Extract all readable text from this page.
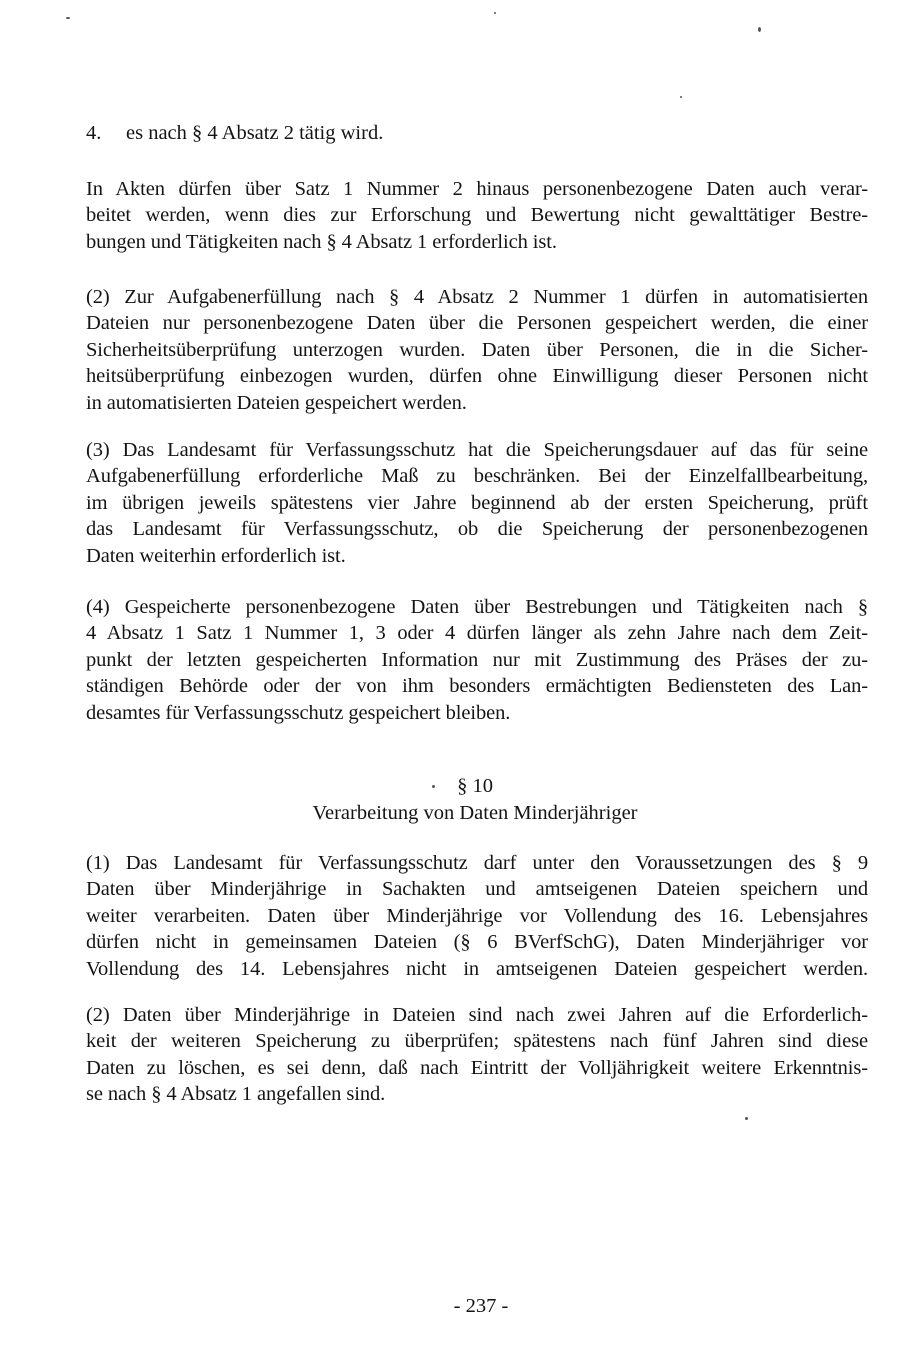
4. es nach § 4 Absatz 2 tätig wird.
In Akten dürfen über Satz 1 Nummer 2 hinaus personenbezogene Daten auch verar-
beitet werden, wenn dies zur Erforschung und Bewertung nicht gewalttätiger Bestre-
bungen und Tätigkeiten nach § 4 Absatz 1 erforderlich ist.
(2) Zur Aufgabenerfüllung nach § 4 Absatz 2 Nummer 1 dürfen in automatisierten
Dateien nur personenbezogene Daten über die Personen gespeichert werden, die einer
Sicherheitsüberprüfung unterzogen wurden. Daten über Personen, die in die Sicher-
heitsüberprüfung einbezogen wurden, dürfen ohne Einwilligung dieser Personen nicht
in automatisierten Dateien gespeichert werden.
(3) Das Landesamt für Verfassungsschutz hat die Speicherungsdauer auf das für seine
Aufgabenerfüllung erforderliche Maß zu beschränken. Bei der Einzelfallbearbeitung,
im übrigen jeweils spätestens vier Jahre beginnend ab der ersten Speicherung, prüft
das Landesamt für Verfassungsschutz, ob die Speicherung der personenbezogenen
Daten weiterhin erforderlich ist.
(4) Gespeicherte personenbezogene Daten über Bestrebungen und Tätigkeiten nach §
4 Absatz 1 Satz 1 Nummer 1, 3 oder 4 dürfen länger als zehn Jahre nach dem Zeit-
punkt der letzten gespeicherten Information nur mit Zustimmung des Präses der zu-
ständigen Behörde oder der von ihm besonders ermächtigten Bediensteten des Lan-
desamtes für Verfassungsschutz gespeichert bleiben.
§ 10
Verarbeitung von Daten Minderjähriger
(1) Das Landesamt für Verfassungsschutz darf unter den Voraussetzungen des § 9
Daten über Minderjährige in Sachakten und amtseigenen Dateien speichern und
weiter verarbeiten. Daten über Minderjährige vor Vollendung des 16. Lebensjahres
dürfen nicht in gemeinsamen Dateien (§ 6 BVerfSchG), Daten Minderjähriger vor
Vollendung des 14. Lebensjahres nicht in amtseigenen Dateien gespeichert werden.
(2) Daten über Minderjährige in Dateien sind nach zwei Jahren auf die Erforderlich-
keit der weiteren Speicherung zu überprüfen; spätestens nach fünf Jahren sind diese
Daten zu löschen, es sei denn, daß nach Eintritt der Volljährigkeit weitere Erkenntnis-
se nach § 4 Absatz 1 angefallen sind.
- 237 -
